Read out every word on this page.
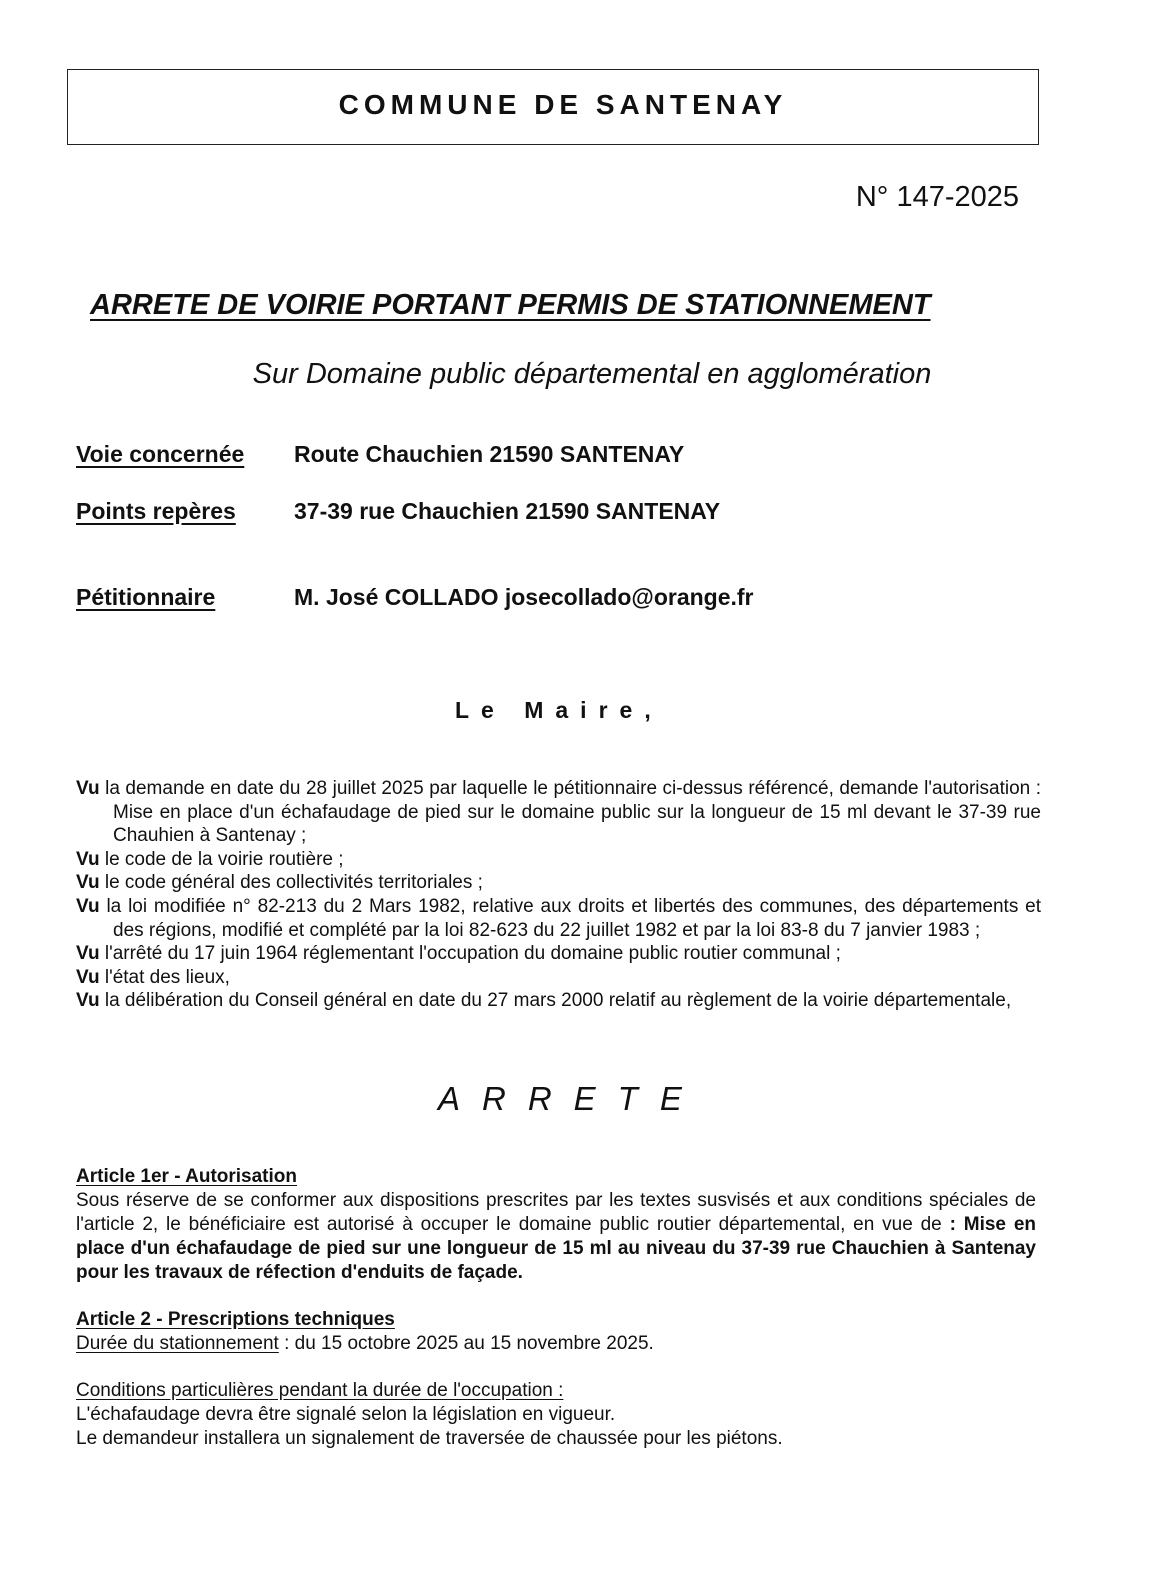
COMMUNE DE SANTENAY
N° 147-2025
ARRETE DE VOIRIE PORTANT PERMIS DE STATIONNEMENT
Sur Domaine public départemental en agglomération
Voie concernée Route Chauchien 21590 SANTENAY
Points repères	37-39 rue Chauchien 21590 SANTENAY
Pétitionnaire	M. José COLLADO josecollado@orange.fr
Le Maire,
Vu la demande en date du 28 juillet 2025 par laquelle le pétitionnaire ci-dessus référencé, demande l'autorisation : Mise en place d'un échafaudage de pied sur le domaine public sur la longueur de 15 ml devant le 37-39 rue Chauhien à Santenay ;
Vu le code de la voirie routière ;
Vu le code général des collectivités territoriales ;
Vu la loi modifiée n° 82-213 du 2 Mars 1982, relative aux droits et libertés des communes, des départements et des régions, modifié et complété par la loi 82-623 du 22 juillet 1982 et par la loi 83-8 du 7 janvier 1983 ;
Vu l'arrêté du 17 juin 1964 réglementant l'occupation du domaine public routier communal ;
Vu l'état des lieux,
Vu la délibération du Conseil général en date du 27 mars 2000 relatif au règlement de la voirie départementale,
ARRETE
Article 1er - Autorisation
Sous réserve de se conformer aux dispositions prescrites par les textes susvisés et aux conditions spéciales de l'article 2, le bénéficiaire est autorisé à occuper le domaine public routier départemental, en vue de : Mise en place d'un échafaudage de pied sur une longueur de 15 ml au niveau du 37-39 rue Chauchien à Santenay pour les travaux de réfection d'enduits de façade.
Article 2 - Prescriptions techniques
Durée du stationnement : du 15 octobre 2025 au 15 novembre 2025.
Conditions particulières pendant la durée de l'occupation :
L'échafaudage devra être signalé selon la législation en vigueur.
Le demandeur installera un signalement de traversée de chaussée pour les piétons.
